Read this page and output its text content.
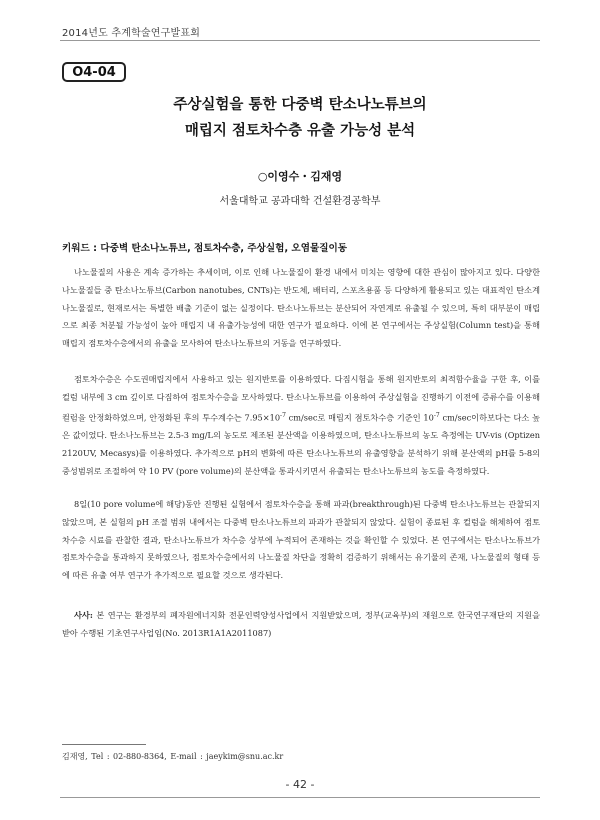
2014년도 추계학술연구발표회
O4-04
주상실험을 통한 다중벽 탄소나노튜브의
매립지 점토차수층 유출 가능성 분석
○이영수・김재영
서울대학교 공과대학 건설환경공학부
키워드 : 다중벽 탄소나노튜브, 점토차수층, 주상실험, 오염물질이동

나노물질의 사용은 계속 증가하는 추세이며, 이로 인해 나노물질이 환경 내에서 미치는 영향에 대한 관심이 많아지고 있다. 다양한 나노물질들 중 탄소나노튜브(Carbon nanotubes, CNTs)는 반도체, 배터리, 스포츠용품 등 다양하게 활용되고 있는 대표적인 탄소계 나노물질로, 현재로서는 특별한 배출 기준이 없는 실정이다. 탄소나노튜브는 분산되어 자연계로 유출될 수 있으며, 특히 대부분이 매립으로 최종 처분될 가능성이 높아 매립지 내 유출가능성에 대한 연구가 필요하다. 이에 본 연구에서는 주상실험(Column test)을 통해 매립지 점토차수층에서의 유출을 모사하여 탄소나노튜브의 거동을 연구하였다.

점토차수층은 수도권매립지에서 사용하고 있는 원지반토를 이용하였다. 다짐시험을 통해 원지반토의 최적함수율을 구한 후, 이를 컬럼 내부에 3 cm 깊이로 다짐하여 점토차수층을 모사하였다. 탄소나노튜브를 이용하여 주상실험을 진행하기 이전에 증류수를 이용해 컬럼을 안정화하였으며, 안정화된 후의 투수계수는 $7.95\times 10^{-7}$ cm/sec로 매립지 점토차수층 기준인 $10^{-7}$ cm/sec이하보다는 다소 높은 값이었다. 탄소나노튜브는 2.5-3 mg/L의 농도로 제조된 분산액을 이용하였으며, 탄소나노튜브의 농도 측정에는 UV-vis (Optizen 2120UV, Mecasys)를 이용하였다. 추가적으로 pH의 변화에 따른 탄소나노튜브의 유출영향을 분석하기 위해 분산액의 pH를 5-8의 중성범위로 조절하여 약 10 PV (pore volume)의 분산액을 통과시키면서 유출되는 탄소나노튜브의 농도를 측정하였다.

8일(10 pore volume에 해당)동안 진행된 실험에서 점토차수층을 통해 파과(breakthrough)된 다중벽 탄소나노튜브는 관찰되지 않았으며, 본 실험의 pH 조절 범위 내에서는 다중벽 탄소나노튜브의 파과가 관찰되지 않았다. 실험이 종료된 후 컬럼을 해체하여 점토차수층 시료를 관찰한 결과, 탄소나노튜브가 차수층 상부에 누적되어 존재하는 것을 확인할 수 있었다. 본 연구에서는 탄소나노튜브가 점토차수층을 통과하지 못하였으나, 점토차수층에서의 나노물질 차단을 정확히 검증하기 위해서는 유기물의 존재, 나노물질의 형태 등에 따른 유출 여부 연구가 추가적으로 필요할 것으로 생각된다.

사사: 본 연구는 환경부의 폐자원에너지화 전문인력양성사업에서 지원받았으며, 정부(교육부)의 재원으로 한국연구재단의 지원을 받아 수행된 기초연구사업임(No. 2013R1A1A2011087)

김재영, Tel : 02-880-8364, E-mail : jaeykim@snu.ac.kr
- 42 -
